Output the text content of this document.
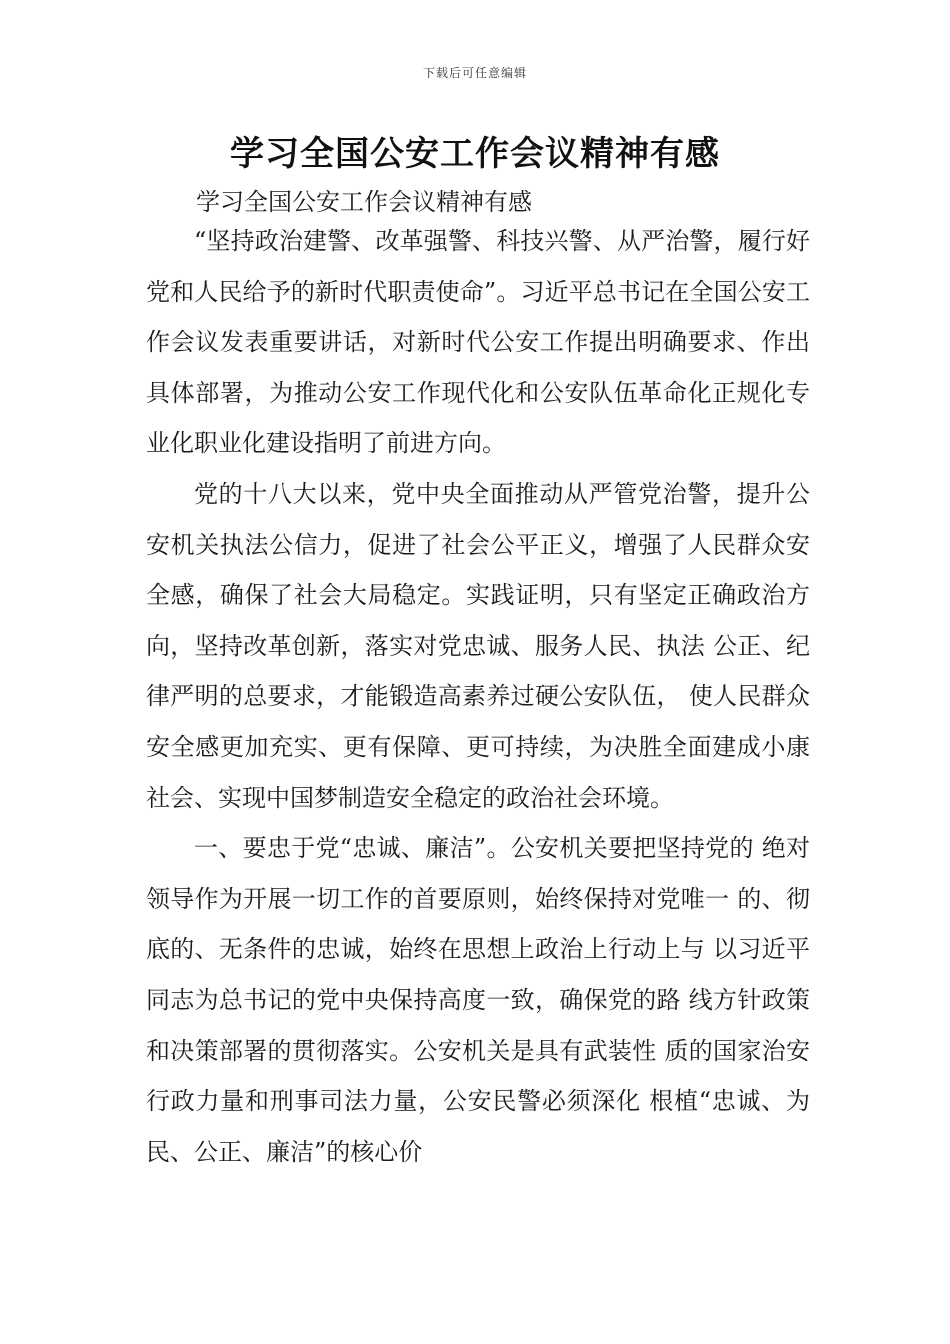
下载后可任意编辑
学习全国公安工作会议精神有感
学习全国公安工作会议精神有感

“坚持政治建警、改革强警、科技兴警、从严治警，履行好党和人民给予的新时代职责使命”。习近平总书记在全国公安工作会议发表重要讲话，对新时代公安工作提出明确要求、作出具体部署，为推动公安工作现代化和公安队伍革命化正规化专业化职业化建设指明了前进方向。

党的十八大以来，党中央全面推动从严管党治警，提升公安机关执法公信力，促进了社会公平正义，增强了人民群众安全感，确保了社会大局稳定。实践证明，只有坚定正确政治方向，坚持改革创新，落实对党忠诚、服务人民、执法 公正、纪律严明的总要求，才能锻造高素养过硬公安队伍， 使人民群众安全感更加充实、更有保障、更可持续，为决胜全面建成小康社会、实现中国梦制造安全稳定的政治社会环境。

一、要忠于党“忠诚、廉洁”。公安机关要把坚持党的 绝对领导作为开展一切工作的首要原则，始终保持对党唯一 的、彻底的、无条件的忠诚，始终在思想上政治上行动上与 以习近平同志为总书记的党中央保持高度一致，确保党的路 线方针政策和决策部署的贯彻落实。公安机关是具有武装性 质的国家治安行政力量和刑事司法力量，公安民警必须深化 根植“忠诚、为民、公正、廉洁”的核心价
